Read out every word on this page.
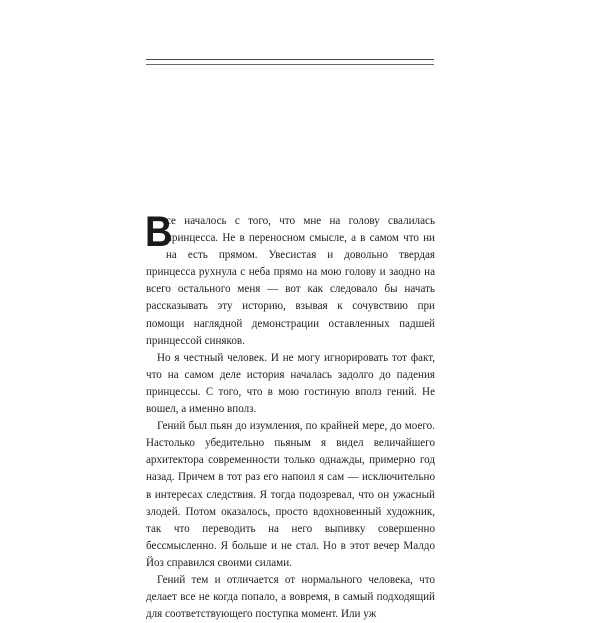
В
се началось с того, что мне на голову свалилась принцесса. Не в переносном смысле, а в самом что ни на есть прямом. Увесистая и довольно твердая принцесса рухнула с неба прямо на мою голову и заодно на всего остального меня — вот как следовало бы начать рассказывать эту историю, взывая к сочувствию при помощи наглядной демонстрации оставленных падшей принцессой синяков.

Но я честный человек. И не могу игнорировать тот факт, что на самом деле история началась задолго до падения принцессы. С того, что в мою гостиную вполз гений. Не вошел, а именно вполз.

Гений был пьян до изумления, по крайней мере, до моего. Настолько убедительно пьяным я видел величайшего архитектора современности только однажды, примерно год назад. Причем в тот раз его напоил я сам — исключительно в интересах следствия. Я тогда подозревал, что он ужасный злодей. Потом оказалось, просто вдохновенный художник, так что переводить на него выпивку совершенно бессмысленно. Я больше и не стал. Но в этот вечер Малдо Йоз справился своими силами.

Гений тем и отличается от нормального человека, что делает все не когда попало, а вовремя, в самый подходящий для соответствующего поступка момент. Или уж
